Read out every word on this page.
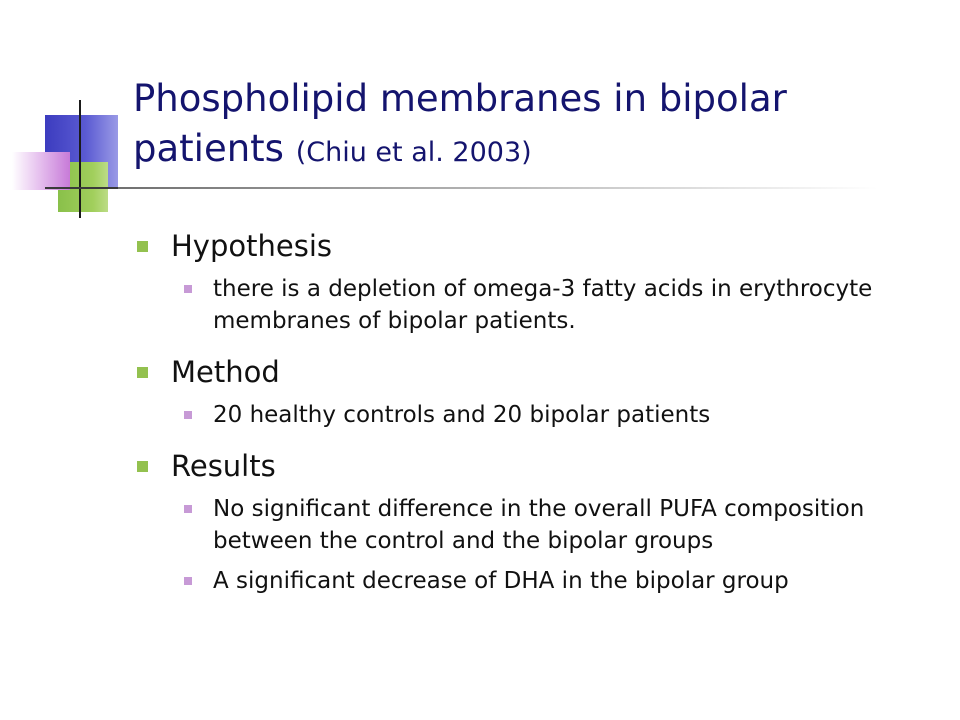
Phospholipid membranes in bipolar patients (Chiu et al. 2003)
Hypothesis
there is a depletion of omega-3 fatty acids in erythrocyte membranes of bipolar patients.
Method
20 healthy controls and 20 bipolar patients
Results
No significant difference in the overall PUFA composition between the control and the bipolar groups
A significant decrease of DHA in the bipolar group
